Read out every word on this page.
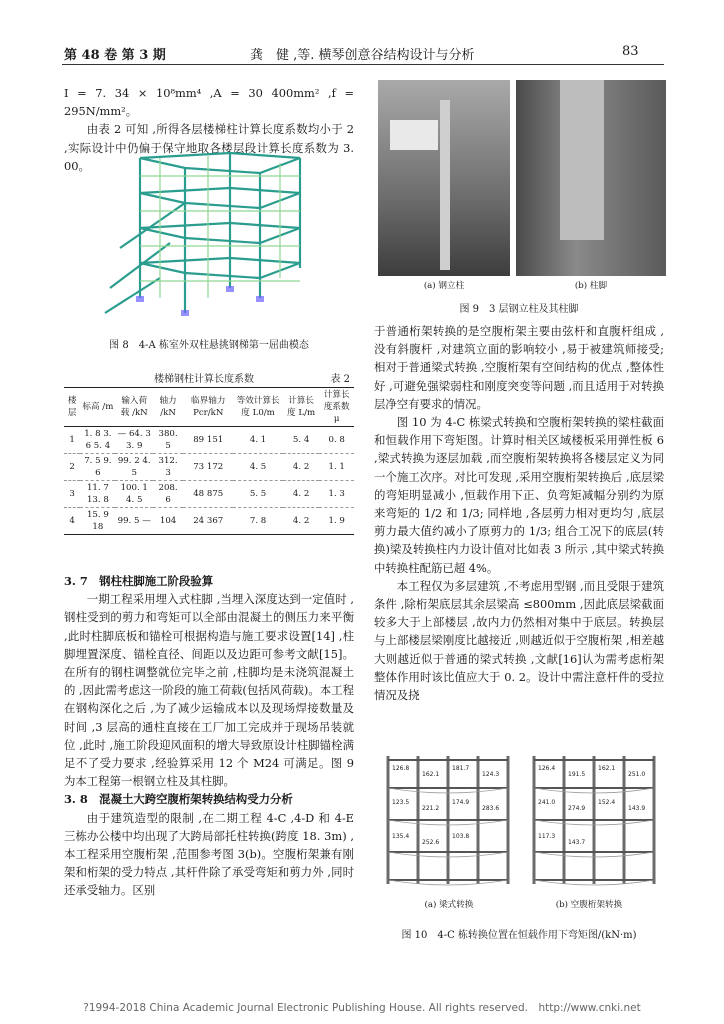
第 48 卷 第 3 期	龚　健 ,等. 横琴创意谷结构设计与分析	83

I = 7. 34 × 10⁸mm⁴ ,A = 30 400mm² ,f = 295N/mm²。

由表 2 可知 ,所得各层楼梯柱计算长度系数均小于 2 ,实际设计中仍偏于保守地取各楼层段计算长度系数为 3. 00。

图 8　4-A 栋室外双柱悬挑钢梯第一屈曲模态
楼梯钢柱计算长度系数	表 2
楼层	标高 /m	输入荷载 /kN	轴力 /kN	临界轴力 Pcr/kN	等效计算长度 L0/m	计算长度 L/m	计算长度系数 μ
1	1. 8 3. 6 5. 4	— 64. 3 3. 9	380. 5	89 151	4. 1	5. 4	0. 8
2	7. 5 9. 6	99. 2 4. 5	312. 3	73 172	4. 5	4. 2	1. 1
3	11. 7 13. 8	100. 1 4. 5	208. 6	48 875	5. 5	4. 2	1. 3
4	15. 9 18	99. 5 —	104	24 367	7. 8	4. 2	1. 9

3. 7　钢柱柱脚施工阶段验算

一期工程采用埋入式柱脚 ,当埋入深度达到一定值时 ,钢柱受到的剪力和弯矩可以全部由混凝土的侧压力来平衡 ,此时柱脚底板和锚栓可根据构造与施工要求设置[14] ,柱脚埋置深度、锚栓直径、间距以及边距可参考文献[15]。在所有的钢柱调整就位完毕之前 ,柱脚均是未浇筑混凝土的 ,因此需考虑这一阶段的施工荷载(包括风荷载)。本工程在钢构深化之后 ,为了减少运输成本以及现场焊接数量及时间 ,3 层高的通柱直接在工厂加工完成并于现场吊装就位 ,此时 ,施工阶段迎风面积的增大导致原设计柱脚锚栓满足不了受力要求 ,经验算采用 12 个 M24 可满足。图 9 为本工程第一根钢立柱及其柱脚。

3. 8　混凝土大跨空腹桁架转换结构受力分析

由于建筑造型的限制 ,在二期工程 4-C ,4-D 和 4-E 三栋办公楼中均出现了大跨局部托柱转换(跨度 18. 3m) ,本工程采用空腹桁架 ,范围参考图 3(b)。空腹桁架兼有刚架和桁架的受力特点 ,其杆件除了承受弯矩和剪力外 ,同时还承受轴力。区别

(a) 钢立柱	(b) 柱脚
图 9　3 层钢立柱及其柱脚

于普通桁架转换的是空腹桁架主要由弦杆和直腹杆组成 ,没有斜腹杆 ,对建筑立面的影响较小 ,易于被建筑师接受; 相对于普通梁式转换 ,空腹桁架有空间结构的优点 ,整体性好 ,可避免强梁弱柱和刚度突变等问题 ,而且适用于对转换层净空有要求的情况。

图 10 为 4-C 栋梁式转换和空腹桁架转换的梁柱截面和恒载作用下弯矩图。计算时相关区域楼板采用弹性板 6 ,梁式转换为逐层加载 ,而空腹桁架转换将各楼层定义为同一个施工次序。对比可发现 ,采用空腹桁架转换后 ,底层梁的弯矩明显减小 ,恒载作用下正、负弯矩减幅分别约为原来弯矩的 1/2 和 1/3; 同样地 ,各层剪力相对更均匀 ,底层剪力最大值约减小了原剪力的 1/3; 组合工况下的底层(转换)梁及转换柱内力设计值对比如表 3 所示 ,其中梁式转换中转换柱配筋已超 4%。

本工程仅为多层建筑 ,不考虑用型钢 ,而且受限于建筑条件 ,除桁架底层其余层梁高 ≤800mm ,因此底层梁截面较多大于上部楼层 ,故内力仍然相对集中于底层。转换层与上部楼层梁刚度比越接近 ,则越近似于空腹桁架 ,相差越大则越近似于普通的梁式转换 ,文献[16]认为需考虑桁架整体作用时该比值应大于 0. 2。设计中需注意杆件的受拉情况及挠

126.8
162.1
181.7
124.3
123.5
221.2
174.9
283.6
135.4
252.6
103.8
126.4
191.5
162.1
251.0
241.0
274.9
152.4
143.9
117.3
143.7
(a) 梁式转换	(b) 空腹桁架转换
图 10　4-C 栋转换位置在恒载作用下弯矩图/(kN·m)
?1994-2018 China Academic Journal Electronic Publishing House. All rights reserved.　http://www.cnki.net
